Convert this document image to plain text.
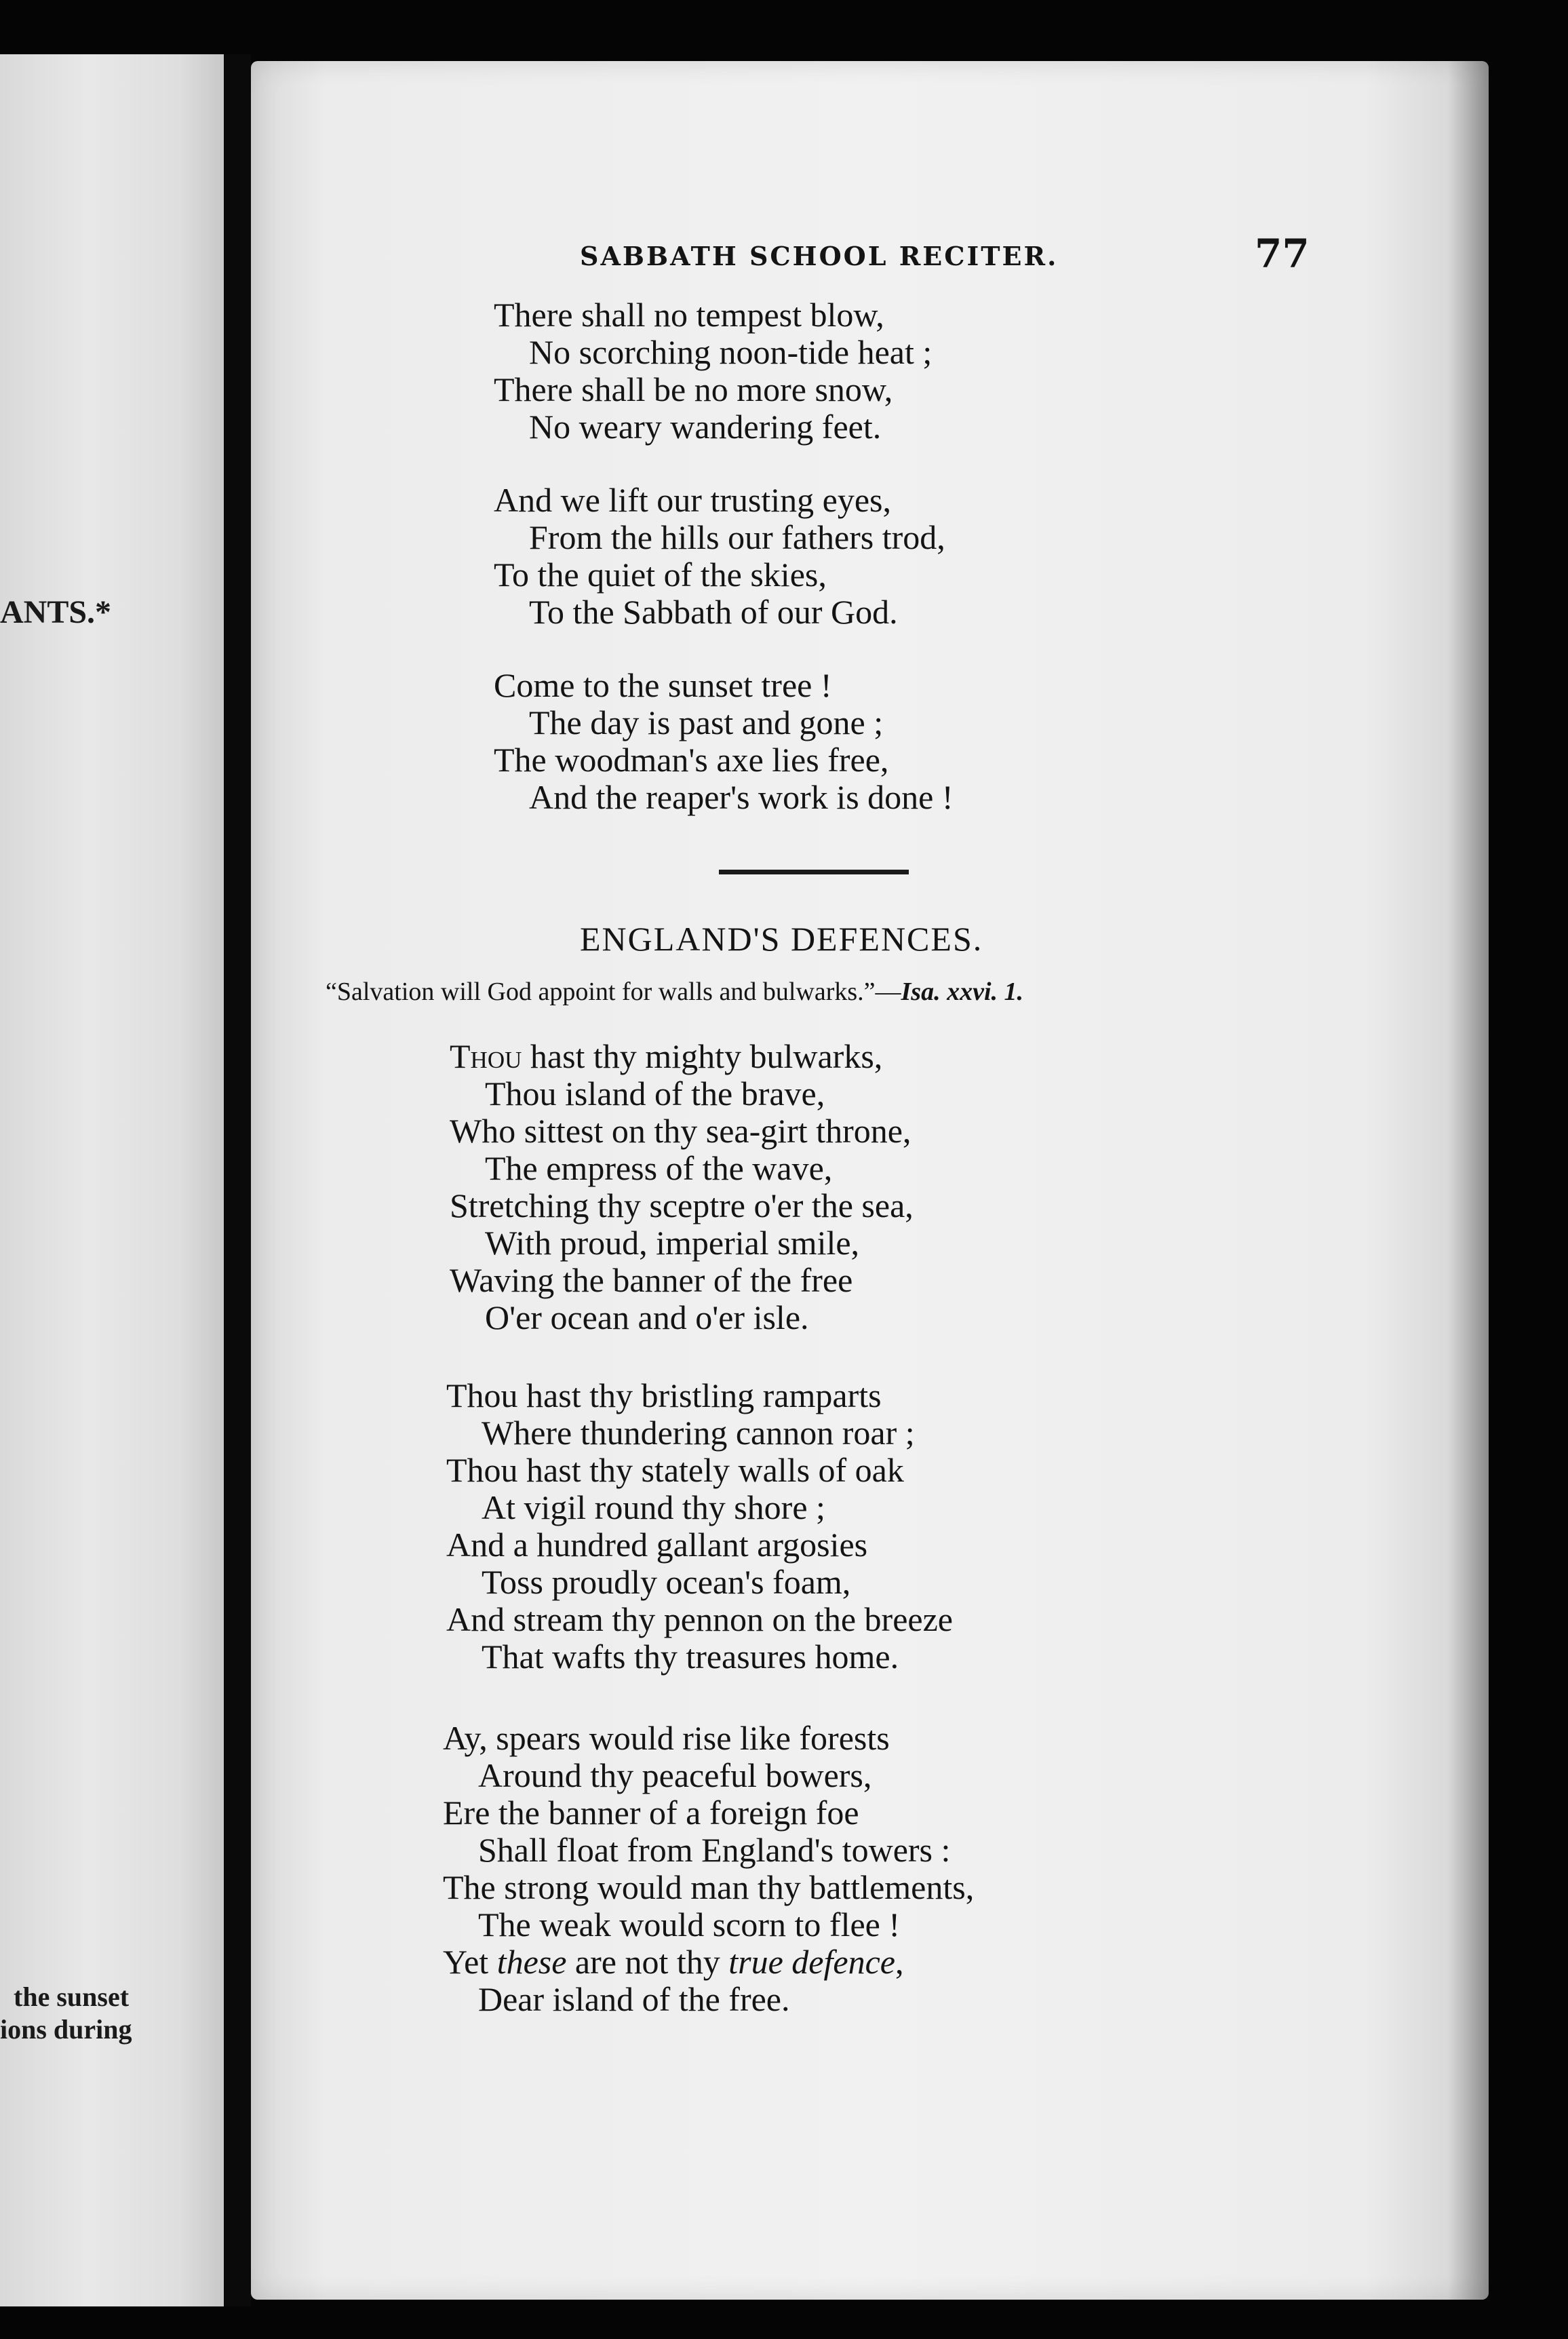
ANTS.*
the sunset
ions during
SABBATH SCHOOL RECITER.	77
There shall no tempest blow,
No scorching noon-tide heat ;
There shall be no more snow,
No weary wandering feet.
And we lift our trusting eyes,
From the hills our fathers trod,
To the quiet of the skies,
To the Sabbath of our God.
Come to the sunset tree !
The day is past and gone ;
The woodman's axe lies free,
And the reaper's work is done !
ENGLAND'S DEFENCES.
“Salvation will God appoint for walls and bulwarks.”—Isa. xxvi. 1.
Thou hast thy mighty bulwarks,
Thou island of the brave,
Who sittest on thy sea-girt throne,
The empress of the wave,
Stretching thy sceptre o'er the sea,
With proud, imperial smile,
Waving the banner of the free
O'er ocean and o'er isle.
Thou hast thy bristling ramparts
Where thundering cannon roar ;
Thou hast thy stately walls of oak
At vigil round thy shore ;
And a hundred gallant argosies
Toss proudly ocean's foam,
And stream thy pennon on the breeze
That wafts thy treasures home.
Ay, spears would rise like forests
Around thy peaceful bowers,
Ere the banner of a foreign foe
Shall float from England's towers :
The strong would man thy battlements,
The weak would scorn to flee !
Yet these are not thy true defence,
Dear island of the free.
